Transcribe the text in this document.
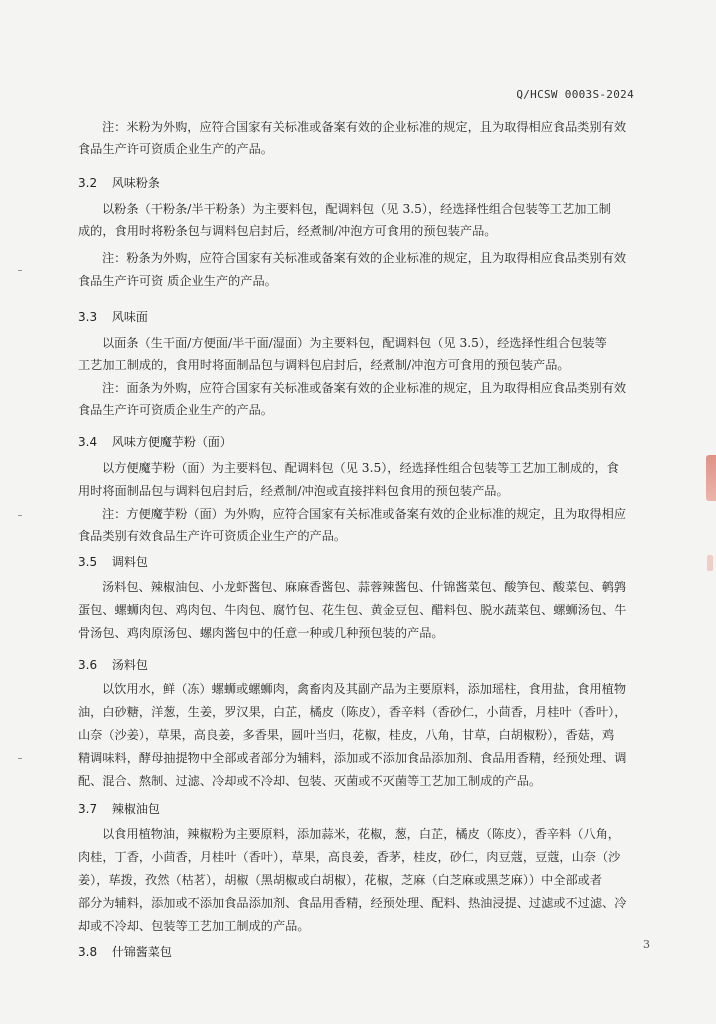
Q/HCSW 0003S-2024
注：米粉为外购，应符合国家有关标准或备案有效的企业标准的规定，且为取得相应食品类别有效
食品生产许可资质企业生产的产品。
3.2 风味粉条
以粉条（干粉条/半干粉条）为主要料包，配调料包（见 3.5），经选择性组合包装等工艺加工制
成的，食用时将粉条包与调料包启封后，经煮制/冲泡方可食用的预包装产品。
注：粉条为外购，应符合国家有关标准或备案有效的企业标准的规定，且为取得相应食品类别有效
食品生产许可资 质企业生产的产品。
3.3 风味面
以面条（生干面/方便面/半干面/湿面）为主要料包，配调料包（见 3.5），经选择性组合包装等
工艺加工制成的，食用时将面制品包与调料包启封后，经煮制/冲泡方可食用的预包装产品。
注：面条为外购，应符合国家有关标准或备案有效的企业标准的规定，且为取得相应食品类别有效
食品生产许可资质企业生产的产品。
3.4 风味方便魔芋粉（面）
以方便魔芋粉（面）为主要料包、配调料包（见 3.5），经选择性组合包装等工艺加工制成的，食
用时将面制品包与调料包启封后，经煮制/冲泡或直接拌料包食用的预包装产品。
注：方便魔芋粉（面）为外购，应符合国家有关标准或备案有效的企业标准的规定，且为取得相应
食品类别有效食品生产许可资质企业生产的产品。
3.5 调料包
汤料包、辣椒油包、小龙虾酱包、麻麻香酱包、蒜蓉辣酱包、什锦酱菜包、酸笋包、酸菜包、鹌鹑
蛋包、螺蛳肉包、鸡肉包、牛肉包、腐竹包、花生包、黄金豆包、醋料包、脱水蔬菜包、螺蛳汤包、牛
骨汤包、鸡肉原汤包、螺肉酱包中的任意一种或几种预包装的产品。
3.6 汤料包
以饮用水，鲜（冻）螺蛳或螺蛳肉，禽畜肉及其副产品为主要原料，添加瑶柱，食用盐，食用植物
油，白砂糖，洋葱，生姜，罗汉果，白芷，橘皮（陈皮），香辛料（香砂仁，小茴香，月桂叶（香叶），
山奈（沙姜），草果，高良姜，多香果，圆叶当归，花椒，桂皮，八角，甘草，白胡椒粉），香菇，鸡
精调味料，酵母抽提物中全部或者部分为辅料，添加或不添加食品添加剂、食品用香精，经预处理、调
配、混合、熬制、过滤、冷却或不冷却、包装、灭菌或不灭菌等工艺加工制成的产品。
3.7 辣椒油包
以食用植物油，辣椒粉为主要原料，添加蒜米，花椒，葱，白芷，橘皮（陈皮），香辛料（八角，
肉桂，丁香，小茴香，月桂叶（香叶），草果，高良姜，香茅，桂皮，砂仁，肉豆蔻，豆蔻，山奈（沙
姜），荜拨，孜然（枯茗），胡椒（黑胡椒或白胡椒），花椒，芝麻（白芝麻或黑芝麻））中全部或者
部分为辅料，添加或不添加食品添加剂、食品用香精，经预处理、配料、热油浸提、过滤或不过滤、冷
却或不冷却、包装等工艺加工制成的产品。
3.8 什锦酱菜包
3
